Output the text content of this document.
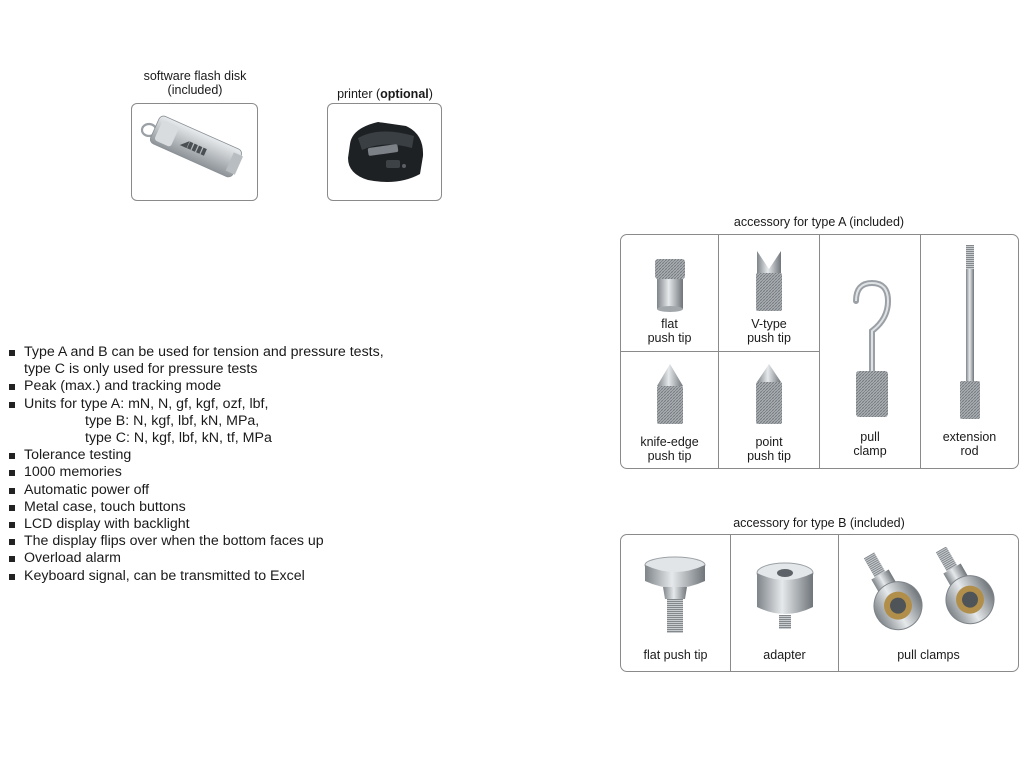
software flash disk
(included)
◢▮▮▮▮
printer (optional)
Type A and B can be used for tension and pressure tests,
type C is only used for pressure tests
Peak (max.) and tracking mode
Units for type A: mN, N, gf, kgf, ozf, lbf,
type B: N, kgf, lbf, kN, MPa,
type C: N, kgf, lbf, kN, tf, MPa
Tolerance testing
1000 memories
Automatic power off
Metal case, touch buttons
LCD display with backlight
The display flips over when the bottom faces up
Overload alarm
Keyboard signal, can be transmitted to Excel
accessory for type A (included)
flat
push tip
V-type
push tip
knife-edge
push tip
point
push tip
pull
clamp
extension
rod
accessory for type B (included)
flat push tip	adapter	pull clamps
